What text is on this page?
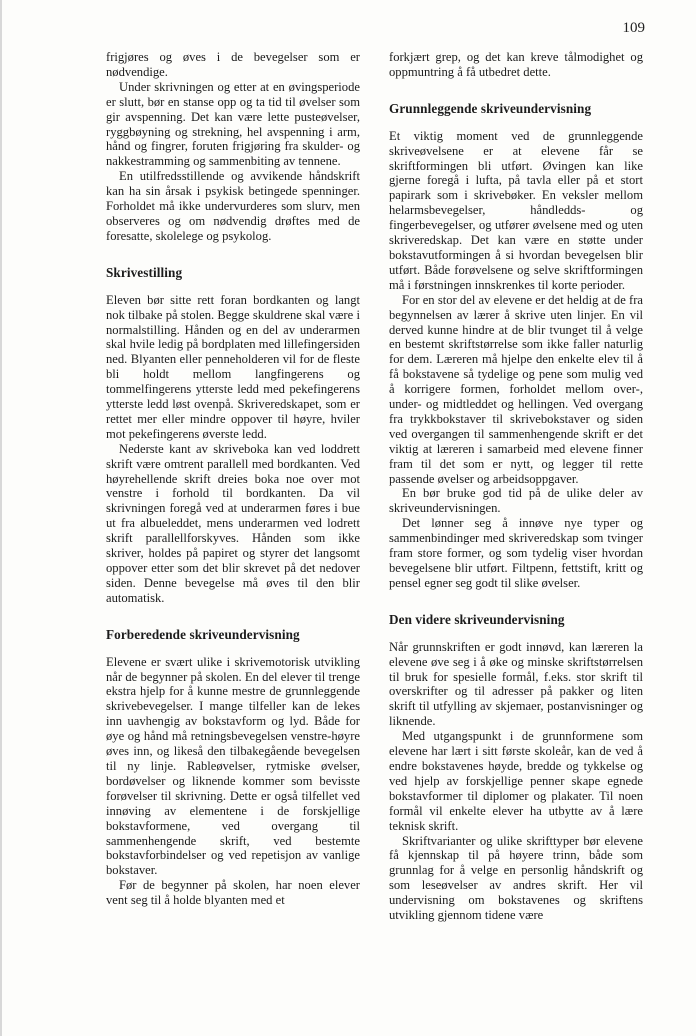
109

frigjøres og øves i de bevegelser som er nødvendige.

Under skrivningen og etter at en øvingsperiode er slutt, bør en stanse opp og ta tid til øvelser som gir avspenning. Det kan være lette pusteøvelser, ryggbøyning og strekning, hel avspenning i arm, hånd og fingrer, foruten frigjøring fra skulder- og nakkestramming og sammenbiting av tennene.

En utilfredsstillende og avvikende håndskrift kan ha sin årsak i psykisk betingede spenninger. Forholdet må ikke undervurderes som slurv, men observeres og om nødvendig drøftes med de foresatte, skolelege og psykolog.

Skrivestilling

Eleven bør sitte rett foran bordkanten og langt nok tilbake på stolen. Begge skuldrene skal være i normalstilling. Hånden og en del av underarmen skal hvile ledig på bordplaten med lillefingersiden ned. Blyanten eller penneholderen vil for de fleste bli holdt mellom langfingerens og tommelfingerens ytterste ledd med pekefingerens ytterste ledd løst ovenpå. Skriveredskapet, som er rettet mer eller mindre oppover til høyre, hviler mot pekefingerens øverste ledd.

Nederste kant av skriveboka kan ved loddrett skrift være omtrent parallell med bordkanten. Ved høyrehellende skrift dreies boka noe over mot venstre i forhold til bordkanten. Da vil skrivningen foregå ved at underarmen føres i bue ut fra albueleddet, mens underarmen ved lodrett skrift parallellforskyves. Hånden som ikke skriver, holdes på papiret og styrer det langsomt oppover etter som det blir skrevet på det nedover siden. Denne bevegelse må øves til den blir automatisk.

Forberedende skriveundervisning

Elevene er svært ulike i skrivemotorisk utvikling når de begynner på skolen. En del elever til trenge ekstra hjelp for å kunne mestre de grunnleggende skrivebevegelser. I mange tilfeller kan de lekes inn uavhengig av bokstavform og lyd. Både for øye og hånd må retningsbevegelsen venstre-høyre øves inn, og likeså den tilbakegående bevegelsen til ny linje. Rableøvelser, rytmiske øvelser, bordøvelser og liknende kommer som bevisste forøvelser til skrivning. Dette er også tilfellet ved innøving av elementene i de forskjellige bokstavformene, ved overgang til sammenhengende skrift, ved bestemte bokstavforbindelser og ved repetisjon av vanlige bokstaver.

Før de begynner på skolen, har noen elever vent seg til å holde blyanten med et

forkjært grep, og det kan kreve tålmodighet og oppmuntring å få utbedret dette.

Grunnleggende skriveundervisning

Et viktig moment ved de grunnleggende skriveøvelsene er at elevene får se skriftformingen bli utført. Øvingen kan like gjerne foregå i lufta, på tavla eller på et stort papirark som i skrivebøker. En veksler mellom helarmsbevegelser, håndledds- og fingerbevegelser, og utfører øvelsene med og uten skriveredskap. Det kan være en støtte under bokstavutformingen å si hvordan bevegelsen blir utført. Både forøvelsene og selve skriftformingen må i førstningen innskrenkes til korte perioder.

For en stor del av elevene er det heldig at de fra begynnelsen av lærer å skrive uten linjer. En vil derved kunne hindre at de blir tvunget til å velge en bestemt skriftstørrelse som ikke faller naturlig for dem. Læreren må hjelpe den enkelte elev til å få bokstavene så tydelige og pene som mulig ved å korrigere formen, forholdet mellom over-, under- og midtleddet og hellingen. Ved overgang fra trykkbokstaver til skrivebokstaver og siden ved overgangen til sammenhengende skrift er det viktig at læreren i samarbeid med elevene finner fram til det som er nytt, og legger til rette passende øvelser og arbeidsoppgaver.

En bør bruke god tid på de ulike deler av skriveundervisningen.

Det lønner seg å innøve nye typer og sammenbindinger med skriveredskap som tvinger fram store former, og som tydelig viser hvordan bevegelsene blir utført. Filtpenn, fettstift, kritt og pensel egner seg godt til slike øvelser.

Den videre skriveundervisning

Når grunnskriften er godt innøvd, kan læreren la elevene øve seg i å øke og minske skriftstørrelsen til bruk for spesielle formål, f.eks. stor skrift til overskrifter og til adresser på pakker og liten skrift til utfylling av skjemaer, postanvisninger og liknende.

Med utgangspunkt i de grunnformene som elevene har lært i sitt første skoleår, kan de ved å endre bokstavenes høyde, bredde og tykkelse og ved hjelp av forskjellige penner skape egnede bokstavformer til diplomer og plakater. Til noen formål vil enkelte elever ha utbytte av å lære teknisk skrift.

Skriftvarianter og ulike skrifttyper bør elevene få kjennskap til på høyere trinn, både som grunnlag for å velge en personlig håndskrift og som leseøvelser av andres skrift. Her vil undervisning om bokstavenes og skriftens utvikling gjennom tidene være
